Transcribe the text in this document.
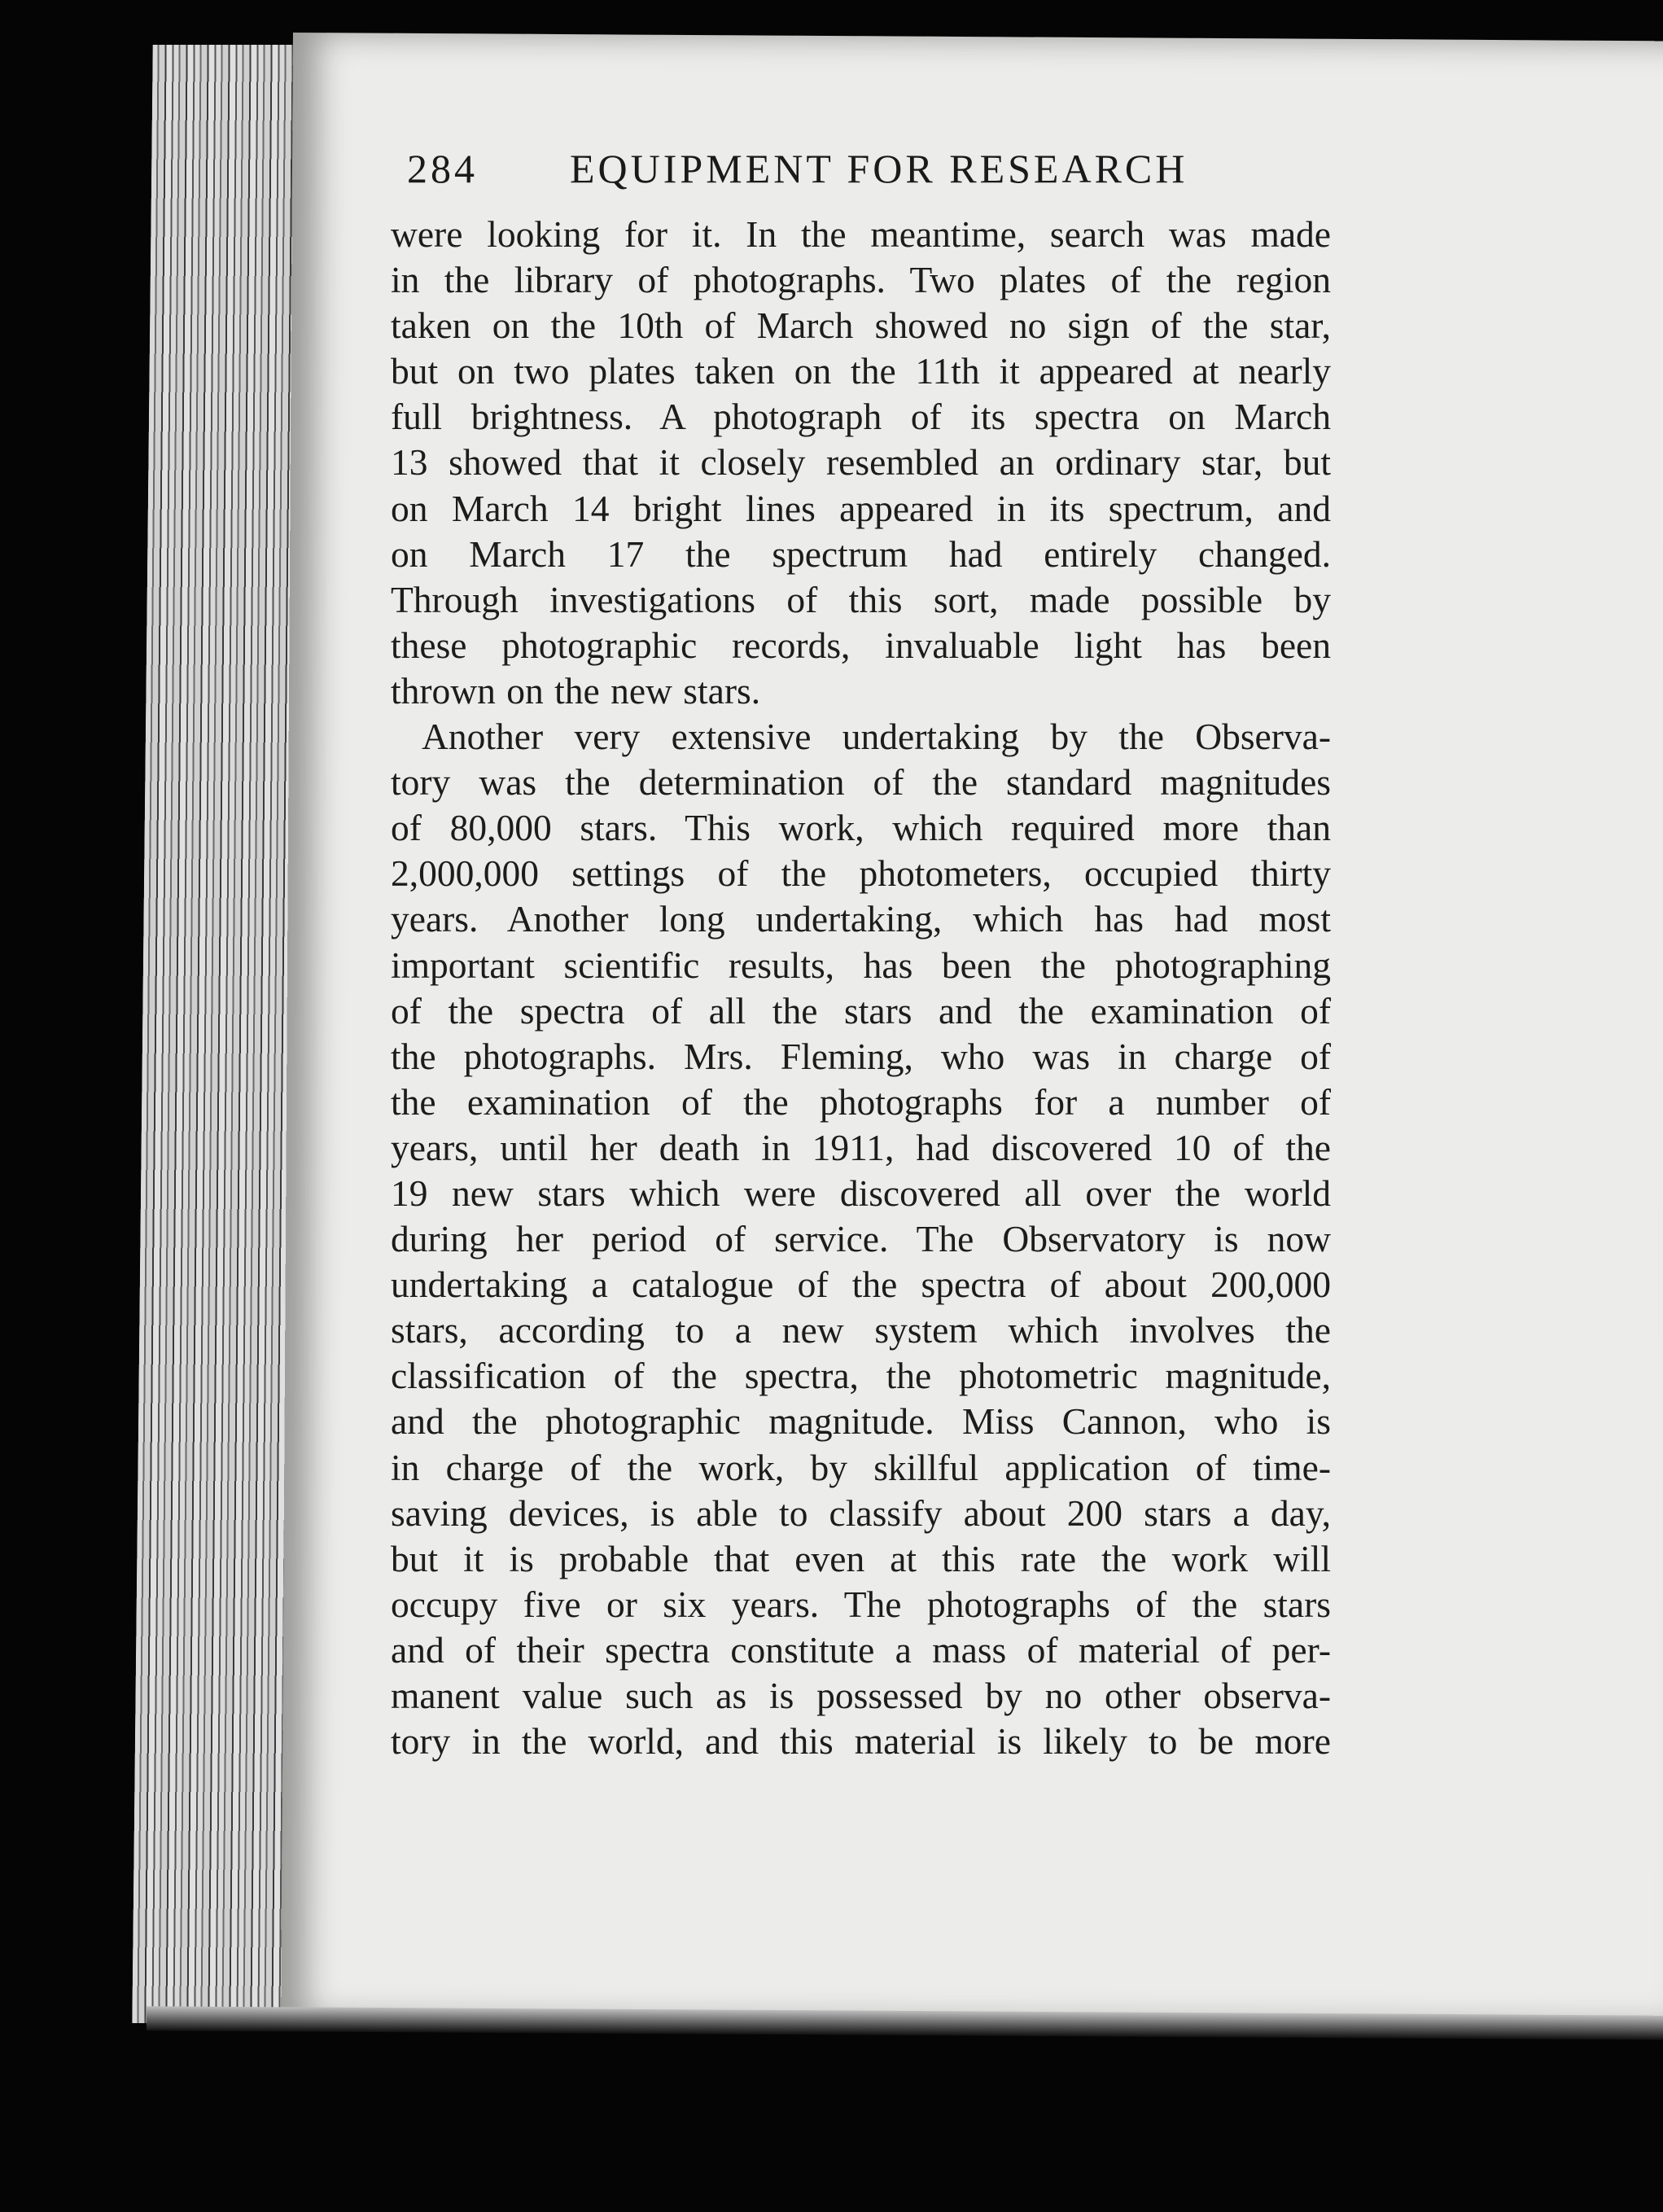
284 EQUIPMENT FOR RESEARCH
were looking for it. In the meantime, search was made
in the library of photographs. Two plates of the region
taken on the 10th of March showed no sign of the star,
but on two plates taken on the 11th it appeared at nearly
full brightness. A photograph of its spectra on March
13 showed that it closely resembled an ordinary star, but
on March 14 bright lines appeared in its spectrum, and
on March 17 the spectrum had entirely changed.
Through investigations of this sort, made possible by
these photographic records, invaluable light has been
thrown on the new stars.
Another very extensive undertaking by the Observa-
tory was the determination of the standard magnitudes
of 80,000 stars. This work, which required more than
2,000,000 settings of the photometers, occupied thirty
years. Another long undertaking, which has had most
important scientific results, has been the photographing
of the spectra of all the stars and the examination of
the photographs. Mrs. Fleming, who was in charge of
the examination of the photographs for a number of
years, until her death in 1911, had discovered 10 of the
19 new stars which were discovered all over the world
during her period of service. The Observatory is now
undertaking a catalogue of the spectra of about 200,000
stars, according to a new system which involves the
classification of the spectra, the photometric magnitude,
and the photographic magnitude. Miss Cannon, who is
in charge of the work, by skillful application of time-
saving devices, is able to classify about 200 stars a day,
but it is probable that even at this rate the work will
occupy five or six years. The photographs of the stars
and of their spectra constitute a mass of material of per-
manent value such as is possessed by no other observa-
tory in the world, and this material is likely to be more
